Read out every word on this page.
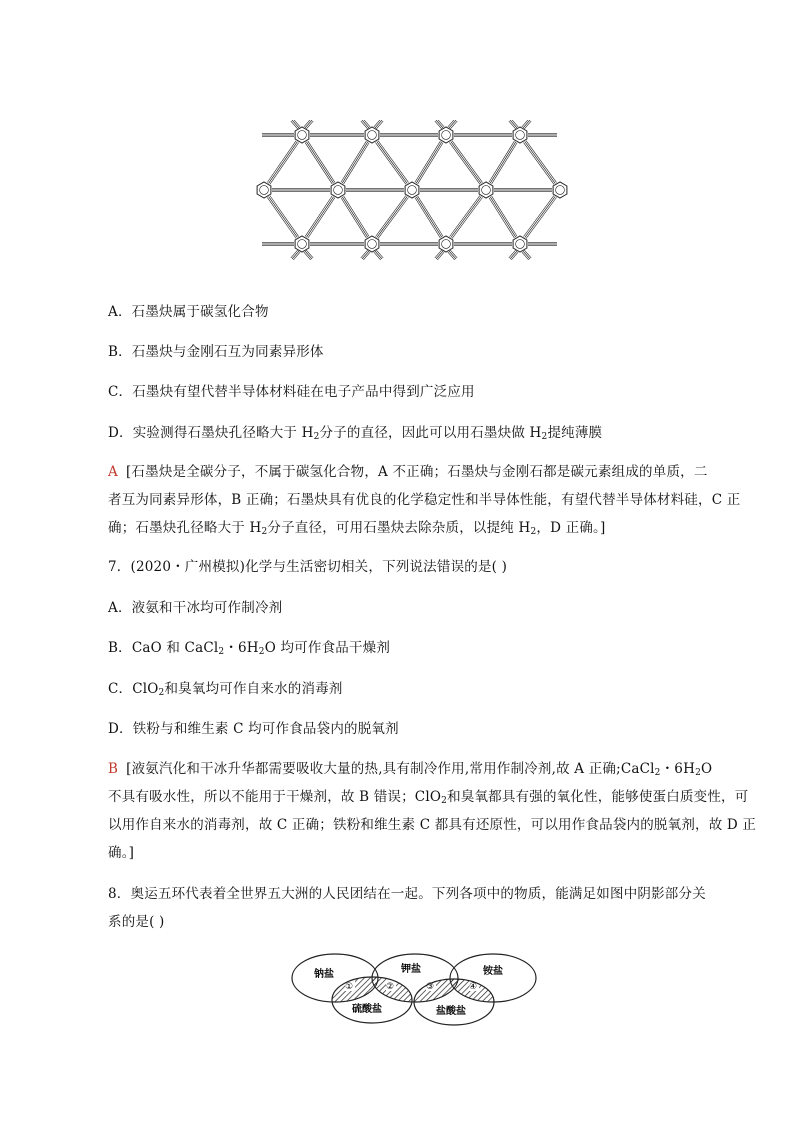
A．石墨炔属于碳氢化合物
B．石墨炔与金刚石互为同素异形体
C．石墨炔有望代替半导体材料硅在电子产品中得到广泛应用
D．实验测得石墨炔孔径略大于 $H_2$分子的直径，因此可以用石墨炔做 $H_2$提纯薄膜
A [石墨炔是全碳分子，不属于碳氢化合物，A 不正确；石墨炔与金刚石都是碳元素组成的单质，二
者互为同素异形体，B 正确；石墨炔具有优良的化学稳定性和半导体性能，有望代替半导体材料硅，C 正
确；石墨炔孔径略大于 $H_2$分子直径，可用石墨炔去除杂质，以提纯 $H_2$，D 正确。]
7．(2020・广州模拟)化学与生活密切相关，下列说法错误的是( )
A．液氨和干冰均可作制冷剂
B．CaO 和 CaCl$_2$・$6H_2O$ 均可作食品干燥剂
C．ClO$_2$和臭氧均可作自来水的消毒剂
D．铁粉与和维生素 C 均可作食品袋内的脱氧剂
B [液氨汽化和干冰升华都需要吸收大量的热,具有制冷作用,常用作制冷剂,故 A 正确;CaCl$_2$・$6H_2O$
不具有吸水性，所以不能用于干燥剂，故 B 错误；ClO$_2$和臭氧都具有强的氧化性，能够使蛋白质变性，可
以用作自来水的消毒剂，故 C 正确；铁粉和维生素 C 都具有还原性，可以用作食品袋内的脱氧剂，故 D 正
确。]
8．奥运五环代表着全世界五大洲的人民团结在一起。下列各项中的物质，能满足如图中阴影部分关
系的是( )
钠盐	钾盐	铵盐
硫酸盐	盐酸盐
①	②	③	④
